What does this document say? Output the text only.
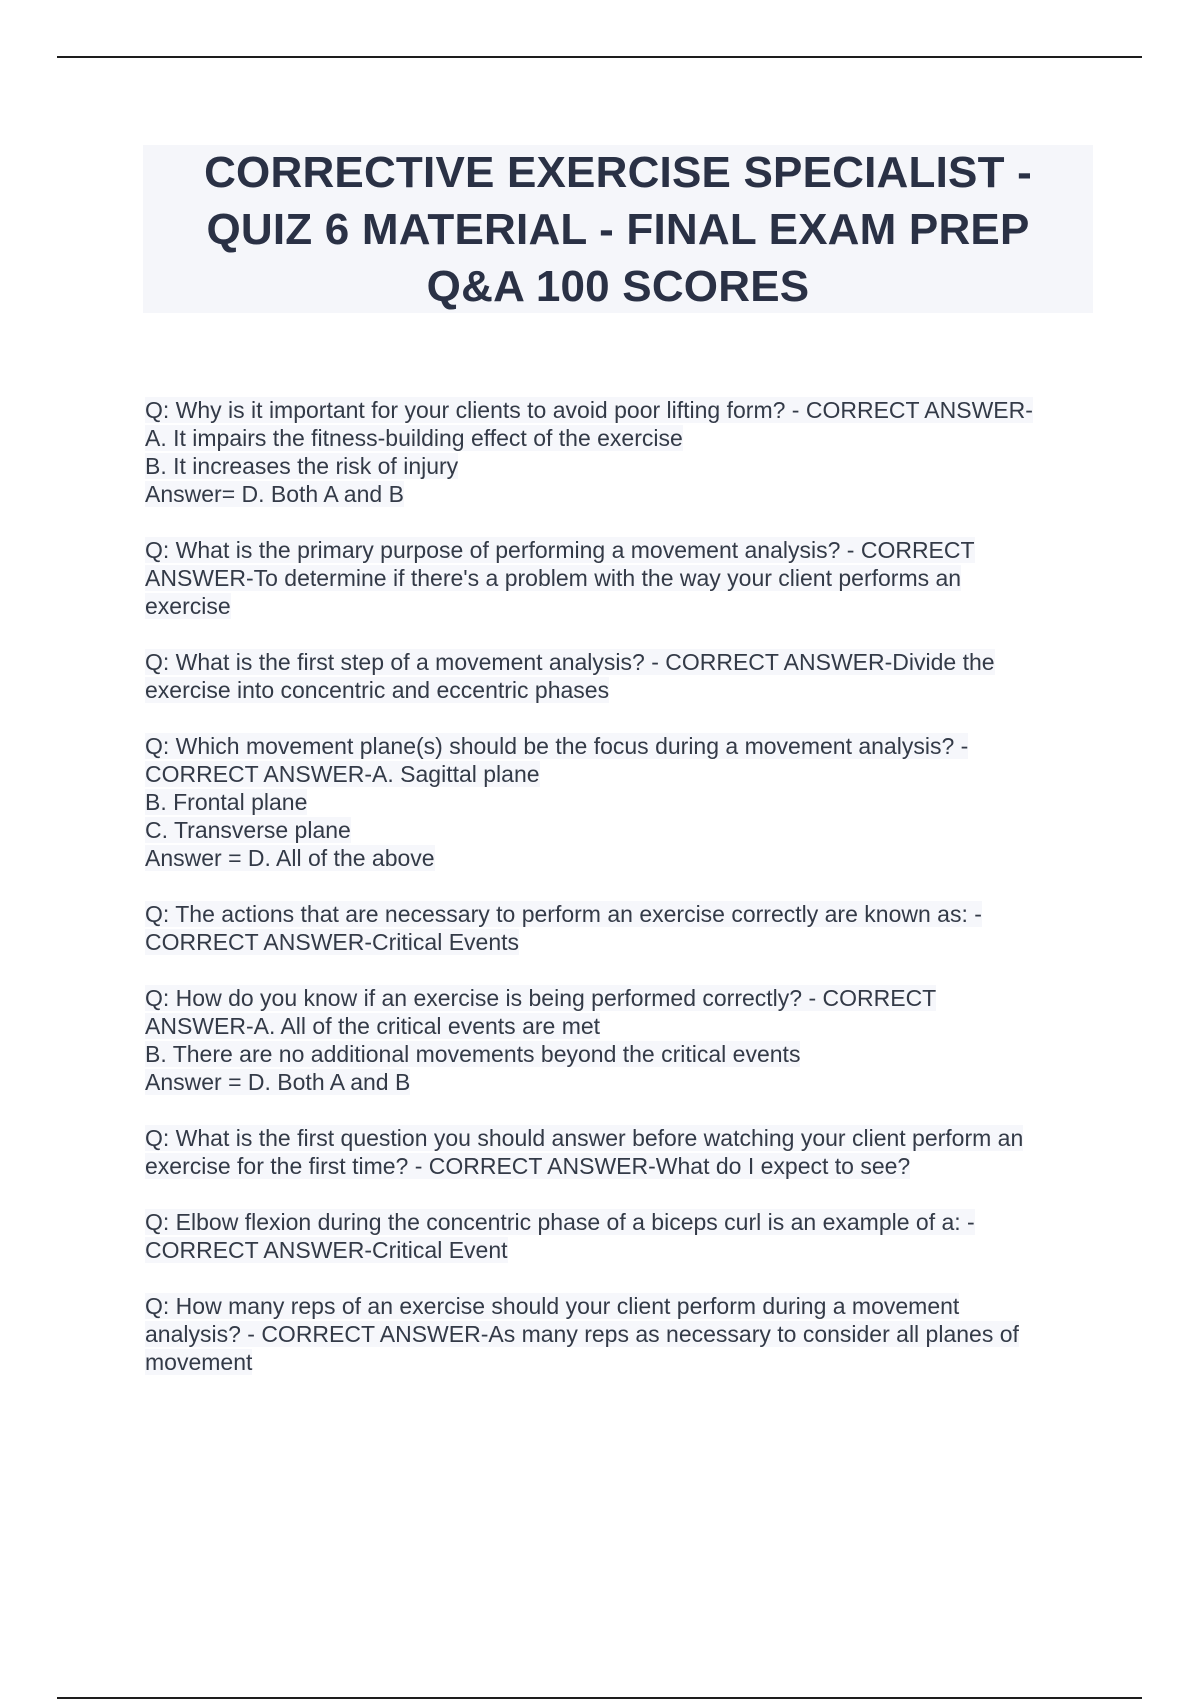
CORRECTIVE EXERCISE SPECIALIST -
QUIZ 6 MATERIAL - FINAL EXAM PREP
Q&A 100 SCORES
Q: Why is it important for your clients to avoid poor lifting form? - CORRECT ANSWER-
A. It impairs the fitness-building effect of the exercise
B. It increases the risk of injury
Answer= D. Both A and B
Q: What is the primary purpose of performing a movement analysis? - CORRECT
ANSWER-To determine if there's a problem with the way your client performs an
exercise
Q: What is the first step of a movement analysis? - CORRECT ANSWER-Divide the
exercise into concentric and eccentric phases
Q: Which movement plane(s) should be the focus during a movement analysis? -
CORRECT ANSWER-A. Sagittal plane
B. Frontal plane
C. Transverse plane
Answer = D. All of the above
Q: The actions that are necessary to perform an exercise correctly are known as: -
CORRECT ANSWER-Critical Events
Q: How do you know if an exercise is being performed correctly? - CORRECT
ANSWER-A. All of the critical events are met
B. There are no additional movements beyond the critical events
Answer = D. Both A and B
Q: What is the first question you should answer before watching your client perform an
exercise for the first time? - CORRECT ANSWER-What do I expect to see?
Q: Elbow flexion during the concentric phase of a biceps curl is an example of a: -
CORRECT ANSWER-Critical Event
Q: How many reps of an exercise should your client perform during a movement
analysis? - CORRECT ANSWER-As many reps as necessary to consider all planes of
movement
